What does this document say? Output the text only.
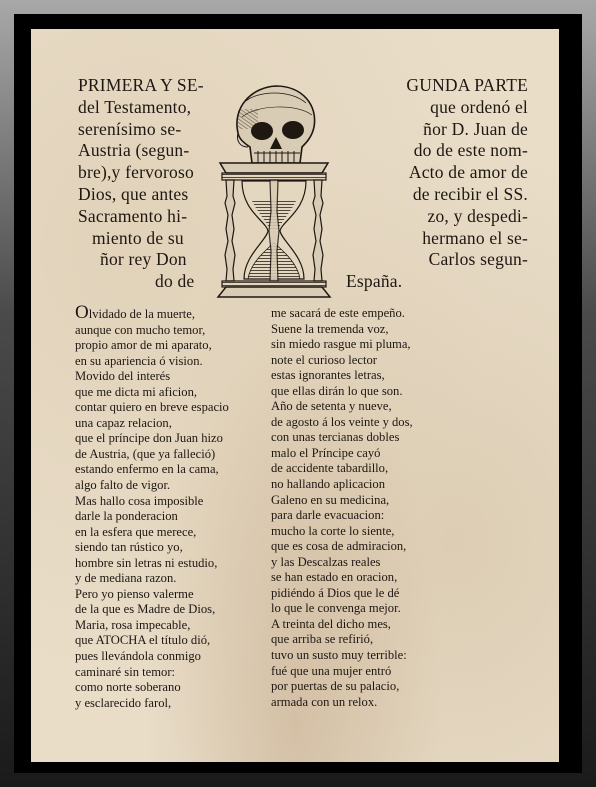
PRIMERA Y SE-
del Testamento,
serenísimo se-
Austria (segun-
bre),y fervoroso
Dios, que antes
Sacramento hi-
miento de su
ñor rey Don
do de
GUNDA PARTE
que ordenó el
ñor D. Juan de
do de este nom-
Acto de amor de
de recibir el SS.
zo, y despedi-
hermano el se-
Carlos segun-
España.
Olvidado de la muerte,
aunque con mucho temor,
propio amor de mi aparato,
en su apariencia ó vision.
Movido del interés
que me dicta mi aficion,
contar quiero en breve espacio
una capaz relacion,
que el príncipe don Juan hizo
de Austria, (que ya falleció)
estando enfermo en la cama,
algo falto de vigor.
Mas hallo cosa imposible
darle la ponderacion
en la esfera que merece,
siendo tan rústico yo,
hombre sin letras ni estudio,
y de mediana razon.
Pero yo pienso valerme
de la que es Madre de Dios,
Maria, rosa impecable,
que ATOCHA el título dió,
pues llevándola conmigo
caminaré sin temor:
como norte soberano
y esclarecido farol,
me sacará de este empeño.
Suene la tremenda voz,
sin miedo rasgue mi pluma,
note el curioso lector
estas ignorantes letras,
que ellas dirán lo que son.
Año de setenta y nueve,
de agosto á los veinte y dos,
con unas tercianas dobles
malo el Príncipe cayó
de accidente tabardillo,
no hallando aplicacion
Galeno en su medicina,
para darle evacuacion:
mucho la corte lo siente,
que es cosa de admiracion,
y las Descalzas reales
se han estado en oracion,
pidiéndo á Dios que le dé
lo que le convenga mejor.
A treinta del dicho mes,
que arriba se refirió,
tuvo un susto muy terrible:
fué que una mujer entró
por puertas de su palacio,
armada con un relox.
